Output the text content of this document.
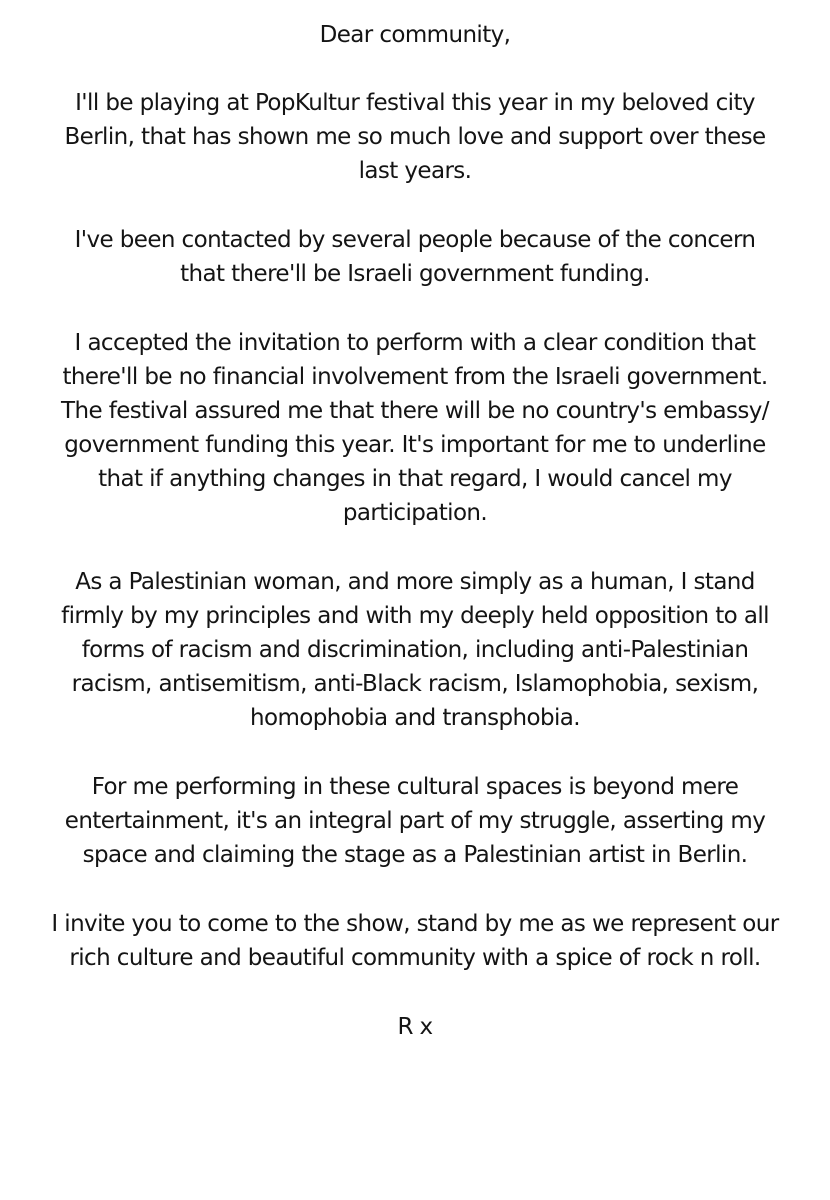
Dear community,

I'll be playing at PopKultur festival this year in my beloved city
Berlin, that has shown me so much love and support over these
last years.

I've been contacted by several people because of the concern
that there'll be Israeli government funding.

I accepted the invitation to perform with a clear condition that
there'll be no financial involvement from the Israeli government.
The festival assured me that there will be no country's embassy/
government funding this year. It's important for me to underline
that if anything changes in that regard, I would cancel my
participation.

As a Palestinian woman, and more simply as a human, I stand
firmly by my principles and with my deeply held opposition to all
forms of racism and discrimination, including anti-Palestinian
racism, antisemitism, anti-Black racism, Islamophobia, sexism,
homophobia and transphobia.

For me performing in these cultural spaces is beyond mere
entertainment, it's an integral part of my struggle, asserting my
space and claiming the stage as a Palestinian artist in Berlin.

I invite you to come to the show, stand by me as we represent our
rich culture and beautiful community with a spice of rock n roll.

R x
